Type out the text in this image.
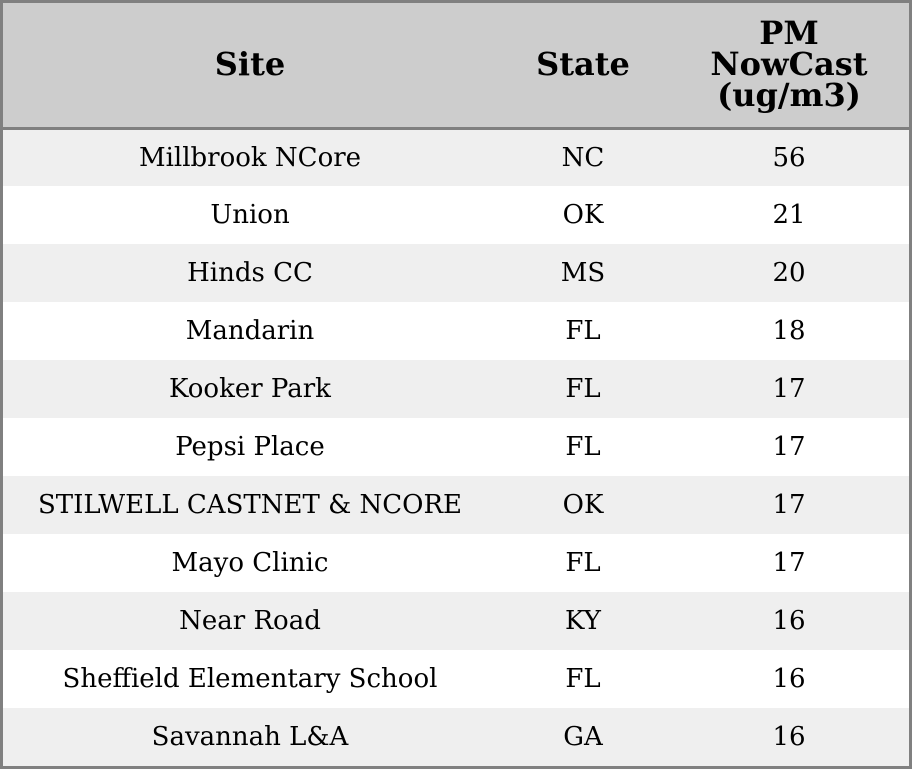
Site	State	PM
NowCast
(ug/m3)
Millbrook NCore	NC	56
Union	OK	21
Hinds CC	MS	20
Mandarin	FL	18
Kooker Park	FL	17
Pepsi Place	FL	17
STILWELL CASTNET & NCORE	OK	17
Mayo Clinic	FL	17
Near Road	KY	16
Sheffield Elementary School	FL	16
Savannah L&A	GA	16
